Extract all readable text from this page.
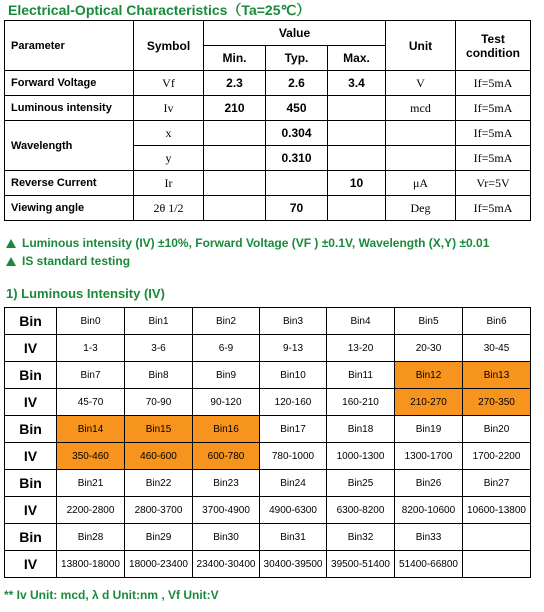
Electrical-Optical Characteristics（Ta=25℃）
Parameter	Symbol	Value			Unit	Test
condition
		Min.	Typ.	Max.		
Forward Voltage	Vf	2.3	2.6	3.4	V	If=5mA
Luminous intensity	Iv	210	450		mcd	If=5mA
Wavelength	x		0.304			If=5mA
	y		0.310			If=5mA
Reverse Current	Ir			10	μA	Vr=5V
Viewing angle	2θ 1/2		70		Deg	If=5mA
Luminous intensity (IV) ±10%, Forward Voltage (VF ) ±0.1V, Wavelength (X,Y) ±0.01
IS standard testing
1) Luminous Intensity (IV)
Bin	Bin0	Bin1	Bin2	Bin3	Bin4	Bin5	Bin6
IV	1-3	3-6	6-9	9-13	13-20	20-30	30-45
Bin	Bin7	Bin8	Bin9	Bin10	Bin11	Bin12	Bin13
IV	45-70	70-90	90-120	120-160	160-210	210-270	270-350
Bin	Bin14	Bin15	Bin16	Bin17	Bin18	Bin19	Bin20
IV	350-460	460-600	600-780	780-1000	1000-1300	1300-1700	1700-2200
Bin	Bin21	Bin22	Bin23	Bin24	Bin25	Bin26	Bin27
IV	2200-2800	2800-3700	3700-4900	4900-6300	6300-8200	8200-10600	10600-13800
Bin	Bin28	Bin29	Bin30	Bin31	Bin32	Bin33	
IV	13800-18000	18000-23400	23400-30400	30400-39500	39500-51400	51400-66800	
** Iv Unit: mcd, λ d Unit:nm , Vf Unit:V
